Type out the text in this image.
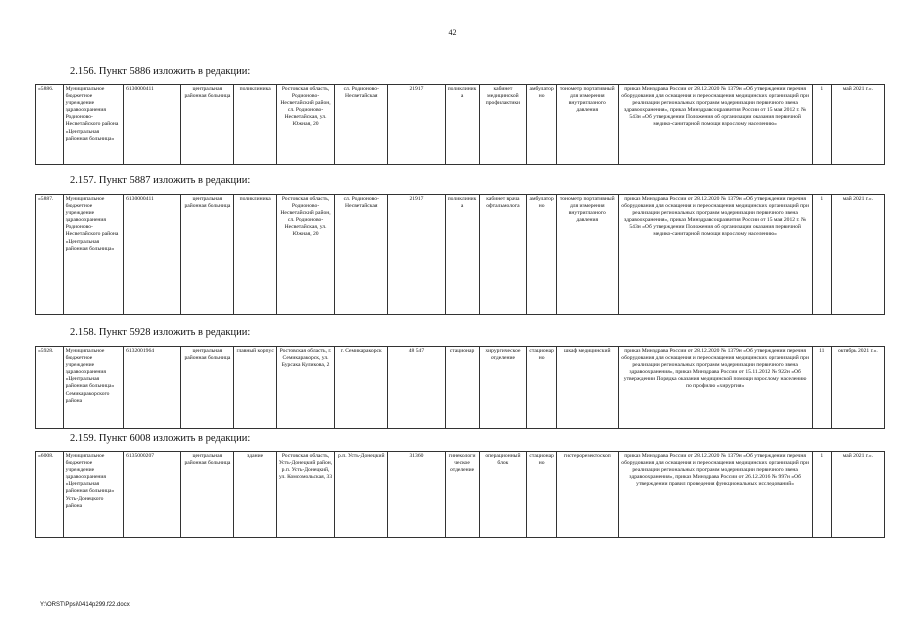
42
2.156. Пункт 5886 изложить в редакции:
«5886.	Муниципальное бюджетное учреждение здравоохранения Родионово-Несветайского района «Центральная районная больница»	6130000411	центральная районная больница	поликлиника	Ростовская область, Родионово-Несветайский район, сл. Родионово-Несветайская, ул. Южная, 20	сл. Родионово-Несветайская	21917	поликлиника	кабинет медицинской профилактики	амбулаторно	тонометр портативный для измерения внутриглазного давления	приказ Минздрава России от 28.12.2020 № 1379н «Об утверждении перечня оборудования для оснащения и переоснащения медицинских организаций при реализации региональных программ модернизации первичного звена здравоохранения», приказ Минздравсоцразвития России от 15 мая 2012 г. № 543н «Об утверждении Положения об организации оказания первичной медико-санитарной помощи взрослому населению»	1	май 2021 г.».
2.157. Пункт 5887 изложить в редакции:
«5887.	Муниципальное бюджетное учреждение здравоохранения Родионово-Несветайского района «Центральная районная больница»	6130000411	центральная районная больница	поликлиника	Ростовская область, Родионово-Несветайский район, сл. Родионово-Несветайская, ул. Южная, 20	сл. Родионово-Несветайская	21917	поликлиника	кабинет врача офтальмолога	амбулаторно	тонометр портативный для измерения внутриглазного давления	приказ Минздрава России от 28.12.2020 № 1379н «Об утверждении перечня оборудования для оснащения и переоснащения медицинских организаций при реализации региональных программ модернизации первичного звена здравоохранения», приказ Минздравсоцразвития России от 15 мая 2012 г. № 543н «Об утверждении Положения об организации оказания первичной медико-санитарной помощи взрослому населению»	1	май 2021 г.».
2.158. Пункт 5928 изложить в редакции:
«5928.	Муниципальное бюджетное учреждение здравоохранения «Центральная районная больница» Семикаракорского района	6132001964	центральная районная больница	главный корпус	Ростовская область, г. Семикаракорск, ул. Бурсака Куликова, 2	г. Семикаракорск	48 547	стационар	хирургическое отделение	стационарно	шкаф медицинский	приказ Минздрава России от 28.12.2020 № 1379н «Об утверждении перечня оборудования для оснащения и переоснащения медицинских организаций при реализации региональных программ модернизации первичного звена здравоохранения», приказ Минздрава России от 15.11.2012 № 922н «Об утверждении Порядка оказания медицинской помощи взрослому населению по профилю «хирургия»	11	октябрь 2021 г.».
2.159. Пункт 6008 изложить в редакции:
«6008.	Муниципальное бюджетное учреждение здравоохранения «Центральная районная больница» Усть-Донецкого района	6135000207	центральная районная больница	здание	Ростовская область, Усть-Донецкий район, р.п. Усть-Донецкий, ул. Комсомольская, 33	р.п. Усть-Донецкий	31360	гинекологическое отделение	операционный блок	стационарно	гистерорезектоскоп	приказ Минздрава России от 28.12.2020 № 1379н «Об утверждении перечня оборудования для оснащения и переоснащения медицинских организаций при реализации региональных программ модернизации первичного звена здравоохранения», приказ Минздрава России от 26.12.2016 № 997н «Об утверждении правил проведения функциональных исследований»	1	май 2021 г.».
Y:\ORST\Ppsi\0414p299.f22.docx
